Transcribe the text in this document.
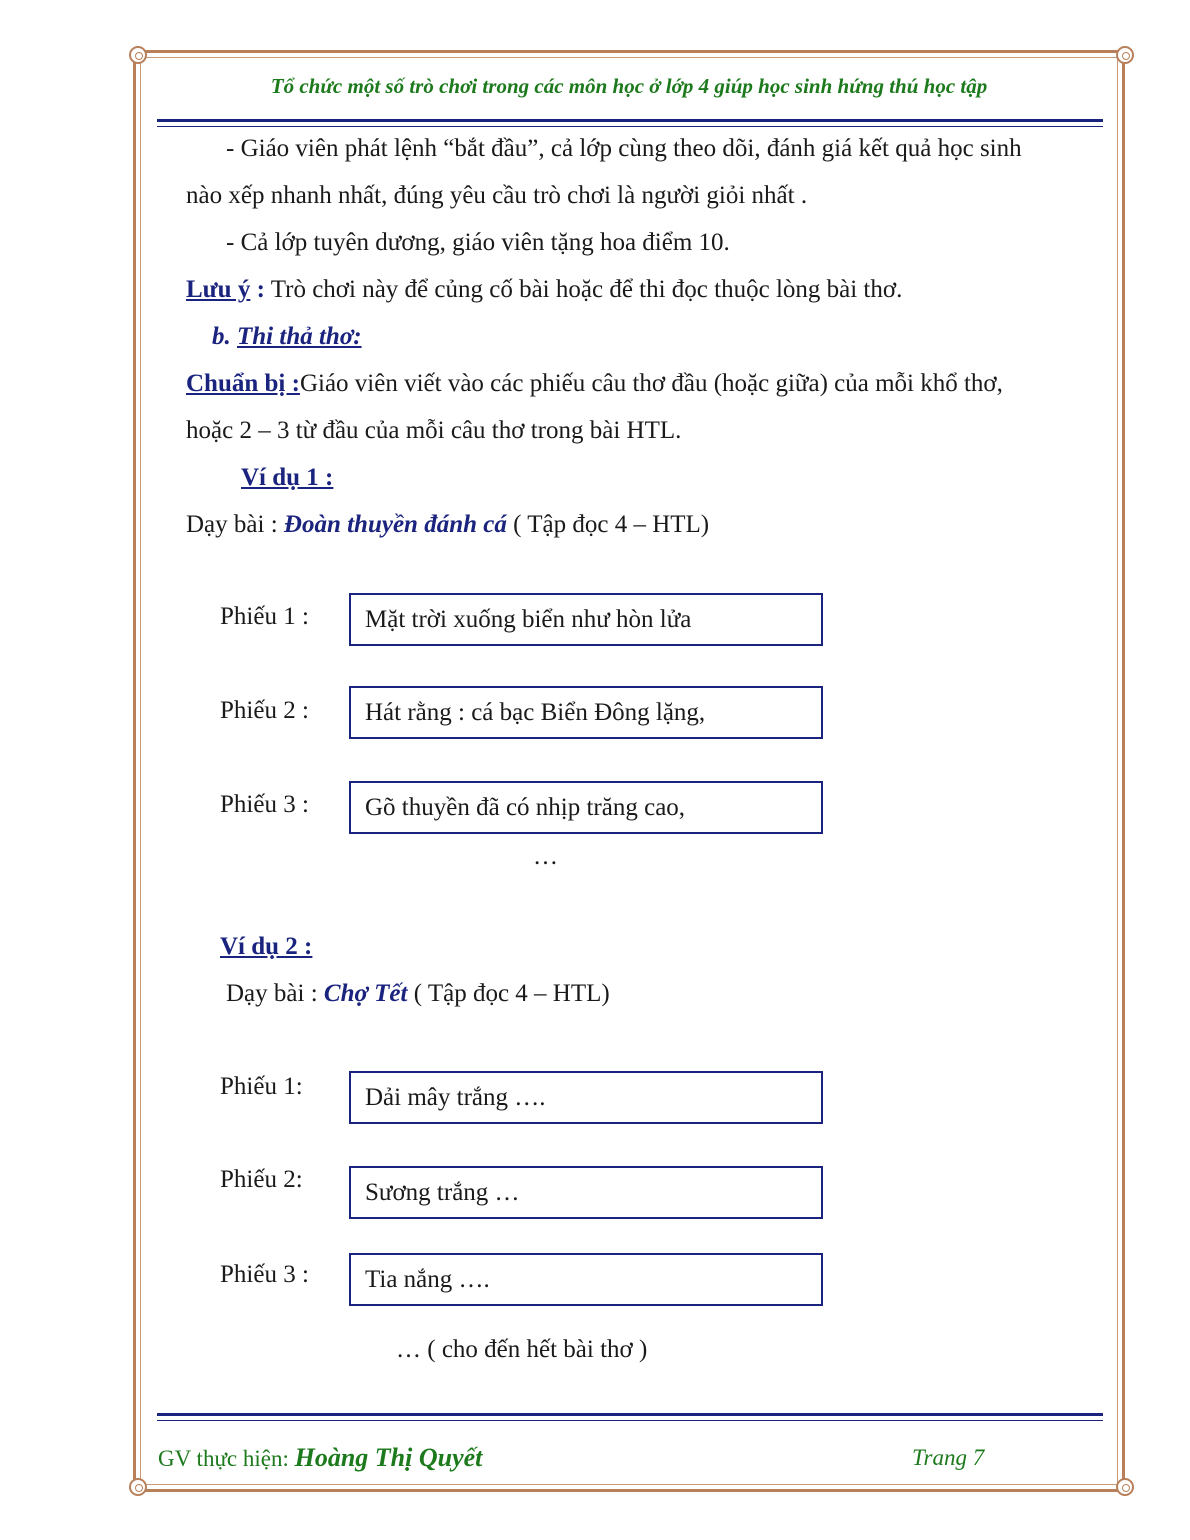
Tổ chức một số trò chơi trong các môn học ở lớp 4 giúp học sinh hứng thú học tập
- Giáo viên phát lệnh “bắt đầu”, cả lớp cùng theo dõi, đánh giá kết quả học sinh
nào xếp nhanh nhất, đúng yêu cầu trò chơi là người giỏi nhất .
- Cả lớp tuyên dương, giáo viên tặng hoa điểm 10.
Lưu ý : Trò chơi này để củng cố bài hoặc để thi đọc thuộc lòng bài thơ.
b. Thi thả thơ:
Chuẩn bị :Giáo viên viết vào các phiếu câu thơ đầu (hoặc giữa) của mỗi khổ thơ,
hoặc 2 – 3 từ đầu của mỗi câu thơ trong bài HTL.
Ví dụ 1 :
Dạy bài : Đoàn thuyền đánh cá ( Tập đọc 4 – HTL)
Phiếu 1 :	Mặt trời xuống biển như hòn lửa
Phiếu 2 :	Hát rằng : cá bạc Biển Đông lặng,
Phiếu 3 :	Gõ thuyền đã có nhịp trăng cao,
…
Ví dụ 2 :
Dạy bài : Chợ Tết ( Tập đọc 4 – HTL)
Phiếu 1:	Dải mây trắng ….
Phiếu 2:	Sương trắng …
Phiếu 3 :	Tia nắng ….
… ( cho đến hết bài thơ )
GV thực hiện: Hoàng Thị Quyết	Trang 7
